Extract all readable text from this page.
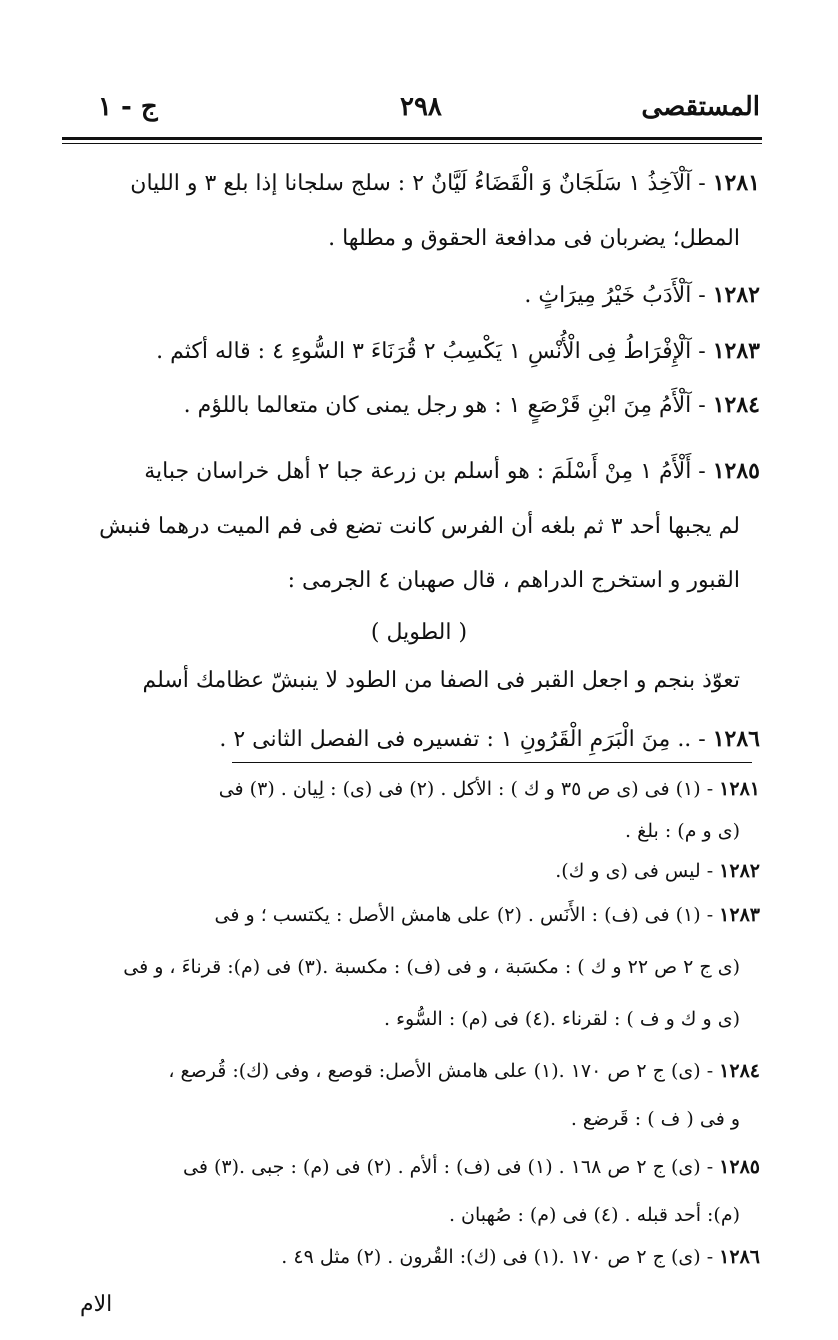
المستقصى
٢٩٨
ج - ١
١٢٨١ - آلْآخِذُ ١ سَلَجَانٌ وَ الْقَضَاءُ لَيَّانٌ ٢ : سلج سلجانا إذا بلع ٣ و الليان
المطل؛ يضربان فى مدافعة الحقوق و مطلها .
١٢٨٢ - آلْأَدَبُ خَيْرُ مِيرَاثٍ .
١٢٨٣ - آلْإِفْرَاطُ فِى الْأُنْسِ ١ يَكْسِبُ ٢ قُرَنَاءَ ٣ السُّوءِ ٤ : قاله أكثم .
١٢٨٤ - آلْأَمُ مِنَ ابْنِ قَرْصَعٍ ١ : هو رجل يمنى كان متعالما باللؤم .
١٢٨٥ - أَلْأَمُ ١ مِنْ أَسْلَمَ : هو أسلم بن زرعة جبا ٢ أهل خراسان جباية
لم يجبها أحد ٣ ثم بلغه أن الفرس كانت تضع فى فم الميت درهما فنبش
القبور و استخرج الدراهم ، قال صهبان ٤ الجرمى :
( الطويل )
تعوّذ بنجم و اجعل القبر فى الصفا من الطود لا ينبشّ عظامك أسلم
١٢٨٦ - .. مِنَ الْبَرَمِ الْقَرُونِ ١ : تفسيره فى الفصل الثانى ٢ .
١٢٨١ - (١) فى (ى ص ٣٥ و ك ) : الأكل . (٢) فى (ى) : لِيان . (٣) فى
(ى و م) : بلغ .
١٢٨٢ - ليس فى (ى و ك).
١٢٨٣ - (١) فى (ف) : الأَنَس . (٢) على هامش الأصل : يكتسب ؛ و فى
(ى ج ٢ ص ٢٢ و ك ) : مكسَبة ، و فى (ف) : مكسبة .(٣) فى (م): قرناءَ ، و فى
(ى و ك و ف ) : لقرناء .(٤) فى (م) : السُّوء .
١٢٨٤ - (ى) ج ٢ ص ١٧٠ .(١) على هامش الأصل: قوصع ، وفى (ك): قُرصع ،
و فى ( ف ) : قَرضع .
١٢٨٥ - (ى) ج ٢ ص ١٦٨ . (١) فى (ف) : ألأم . (٢) فى (م) : جبى .(٣) فى
(م): أحد قبله . (٤) فى (م) : صُهبان .
١٢٨٦ - (ى) ج ٢ ص ١٧٠ .(١) فى (ك): القُرون . (٢) مثل ٤٩ .
الام
